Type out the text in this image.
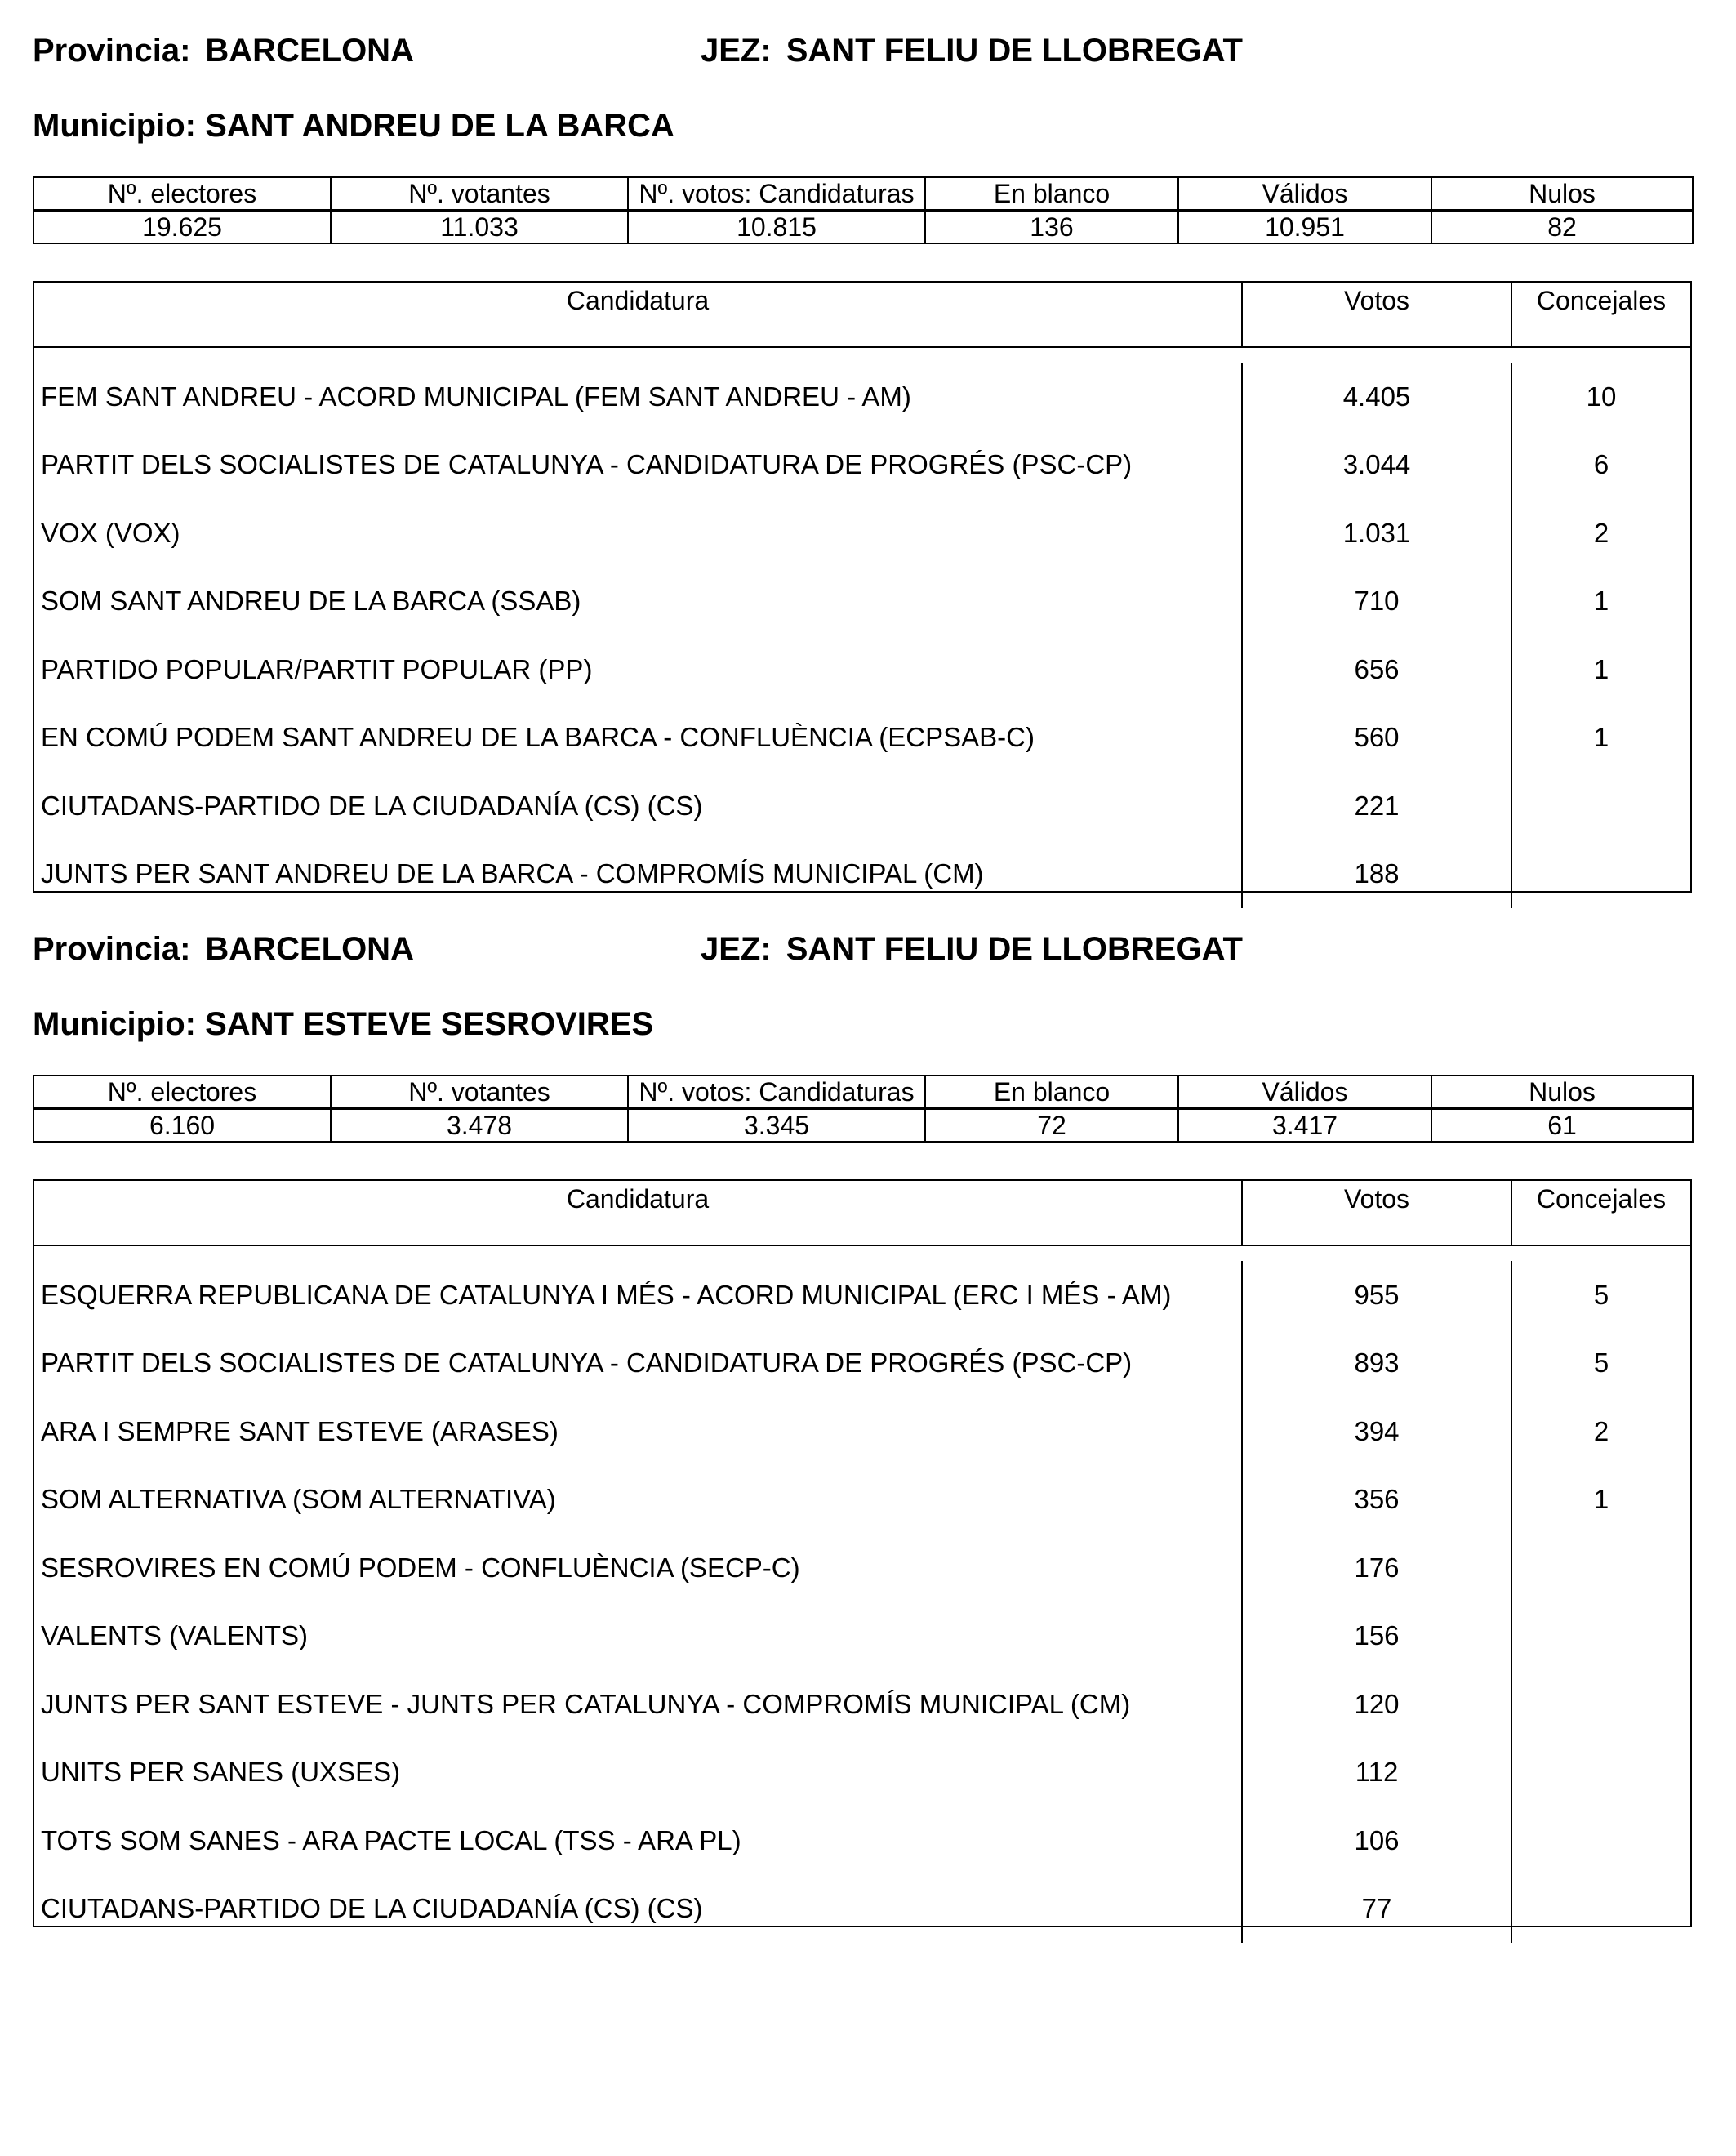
Provincia: BARCELONA	JEZ: SANT FELIU DE LLOBREGAT
Municipio: SANT ANDREU DE LA BARCA
Nº. electores	Nº. votantes	Nº. votos: Candidaturas	En blanco	Válidos	Nulos
19.625	11.033	10.815	136	10.951	82
Candidatura	Votos	Concejales
FEM SANT ANDREU - ACORD MUNICIPAL (FEM SANT ANDREU - AM)	4.405	10
PARTIT DELS SOCIALISTES DE CATALUNYA - CANDIDATURA DE PROGRÉS (PSC-CP)	3.044	6
VOX (VOX)	1.031	2
SOM SANT ANDREU DE LA BARCA (SSAB)	710	1
PARTIDO POPULAR/PARTIT POPULAR (PP)	656	1
EN COMÚ PODEM SANT ANDREU DE LA BARCA - CONFLUÈNCIA (ECPSAB-C)	560	1
CIUTADANS-PARTIDO DE LA CIUDADANÍA (CS) (CS)	221
JUNTS PER SANT ANDREU DE LA BARCA - COMPROMÍS MUNICIPAL (CM)	188
Provincia: BARCELONA	JEZ: SANT FELIU DE LLOBREGAT
Municipio: SANT ESTEVE SESROVIRES
Nº. electores	Nº. votantes	Nº. votos: Candidaturas	En blanco	Válidos	Nulos
6.160	3.478	3.345	72	3.417	61
Candidatura	Votos	Concejales
ESQUERRA REPUBLICANA DE CATALUNYA I MÉS - ACORD MUNICIPAL (ERC I MÉS - AM)	955	5
PARTIT DELS SOCIALISTES DE CATALUNYA - CANDIDATURA DE PROGRÉS (PSC-CP)	893	5
ARA I SEMPRE SANT ESTEVE (ARASES)	394	2
SOM ALTERNATIVA (SOM ALTERNATIVA)	356	1
SESROVIRES EN COMÚ PODEM - CONFLUÈNCIA (SECP-C)	176
VALENTS (VALENTS)	156
JUNTS PER SANT ESTEVE - JUNTS PER CATALUNYA - COMPROMÍS MUNICIPAL (CM)	120
UNITS PER SANES (UXSES)	112
TOTS SOM SANES - ARA PACTE LOCAL (TSS - ARA PL)	106
CIUTADANS-PARTIDO DE LA CIUDADANÍA (CS) (CS)	77
